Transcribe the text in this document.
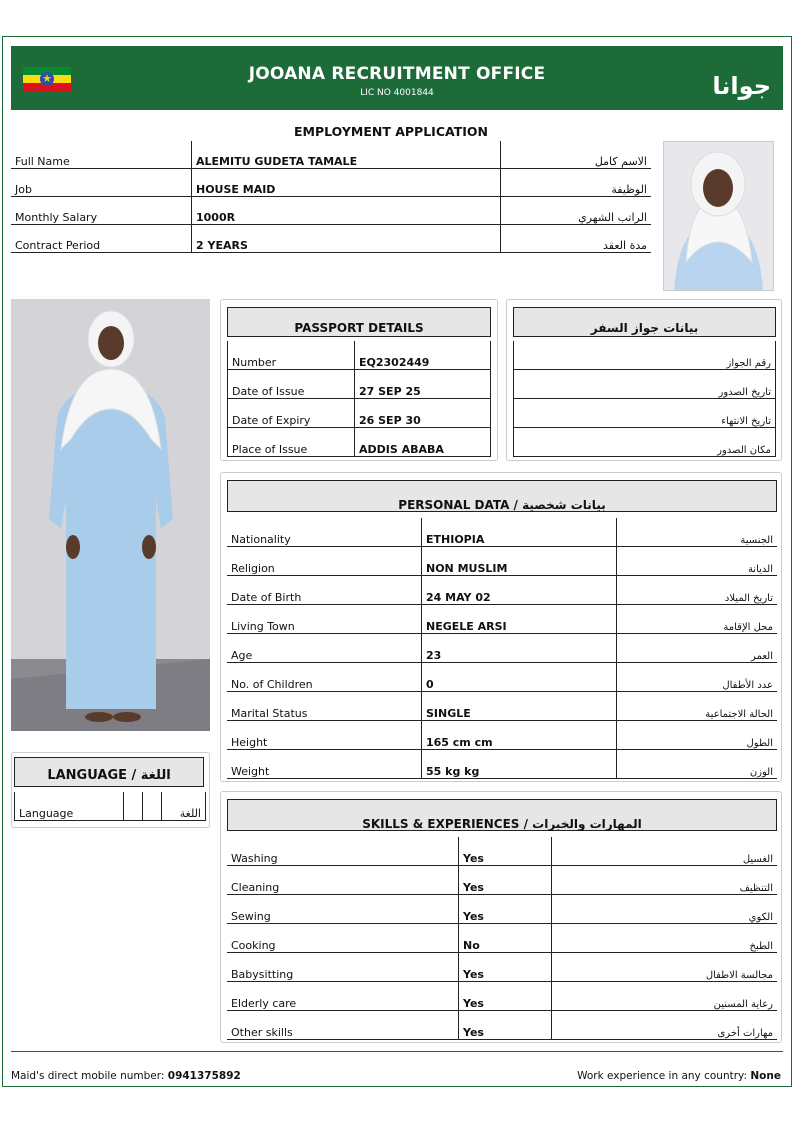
★	JOOANA RECRUITMENT OFFICE
LIC NO 4001844	جوانا
EMPLOYMENT APPLICATION
Full Name	ALEMITU GUDETA TAMALE	الاسم كامل
Job	HOUSE MAID	الوظيفة
Monthly Salary	1000R	الراتب الشهري
Contract Period	2 YEARS	مدة العقد
PASSPORT DETAILS
Number	EQ2302449
Date of Issue	27 SEP 25
Date of Expiry	26 SEP 30
Place of Issue	ADDIS ABABA
بيانات جواز السفر
رقم الجواز
تاريخ الصدور
تاريخ الانتهاء
مكان الصدور
PERSONAL DATA / بيانات شخصية
Nationality	ETHIOPIA	الجنسية
Religion	NON MUSLIM	الديانة
Date of Birth	24 MAY 02	تاريخ الميلاد
Living Town	NEGELE ARSI	محل الإقامة
Age	23	العمر
No. of Children	0	عدد الأطفال
Marital Status	SINGLE	الحالة الاجتماعية
Height	165 cm cm	الطول
Weight	55 kg kg	الوزن
LANGUAGE / اللغة
Language			اللغة
SKILLS & EXPERIENCES / المهارات والخبرات
Washing	Yes	الغسيل
Cleaning	Yes	التنظيف
Sewing	Yes	الكوي
Cooking	No	الطبخ
Babysitting	Yes	مجالسة الاطفال
Elderly care	Yes	رعاية المسنين
Other skills	Yes	مهارات أخرى
Maid's direct mobile number: 0941375892	Work experience in any country: None
